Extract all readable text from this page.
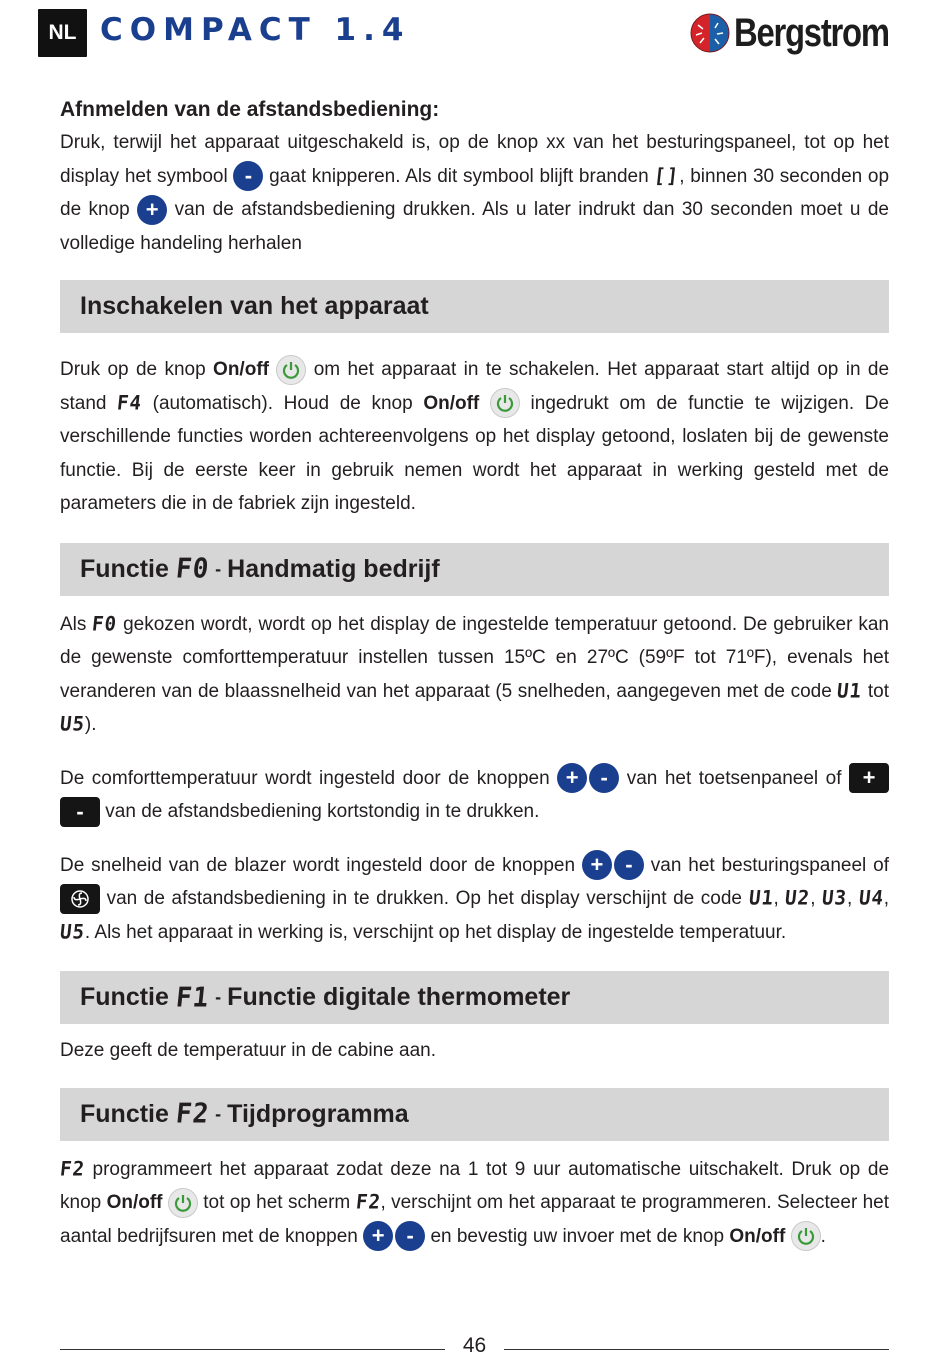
NL COMPACT 1.4	Bergstrom
Afnmelden van de afstandsbediening:

Druk, terwijl het apparaat uitgeschakeld is, op de knop xx van het besturingspaneel, tot op het display het symbool - gaat knipperen. Als dit symbool blijft branden [], binnen 30 seconden op de knop + van de afstandsbediening drukken. Als u later indrukt dan 30 seconden moet u de volledige handeling herhalen

Inschakelen van het apparaat

Druk op de knop On/off om het apparaat in te schakelen. Het apparaat start altijd op in de stand F4 (automatisch). Houd de knop On/off	ingedrukt om de functie te wijzigen. De verschillende functies worden achtereenvolgens op het display getoond, loslaten bij de gewenste functie. Bij de eerste keer in gebruik nemen wordt het apparaat in werking gesteld met de parameters die in de fabriek zijn ingesteld.

Functie
F0 - Handmatig bedrijf

Als F0 gekozen wordt, wordt op het display de ingestelde temperatuur getoond. De gebruiker kan de gewenste comforttemperatuur instellen tussen 15ºC en 27ºC (59ºF tot 71ºF), evenals het veranderen van de blaassnelheid van het apparaat (5 snelheden, aangegeven met de code U1 tot U5).

De comforttemperatuur wordt ingesteld door de knoppen + - van het toetsenpaneel of + - van de afstandsbediening kortstondig in te drukken.

De snelheid van de blazer wordt ingesteld door de knoppen + - van het besturingspaneel of  van de afstandsbediening in te drukken. Op het display verschijnt de code U1, U2, U3, U4, U5. Als het apparaat in werking is, verschijnt op het display de ingestelde temperatuur.

Functie
F1 - Functie digitale thermometer

Deze geeft de temperatuur in de cabine aan.

Functie
F2 - Tijdprogramma

F2 programmeert het apparaat zodat deze na 1 tot 9 uur automatische uitschakelt. Druk op de knop On/off tot op het scherm F2, verschijnt om het apparaat te programmeren. Selecteer het aantal bedrijfsuren met de knoppen + - en bevestig uw invoer met de knop On/off .

46
